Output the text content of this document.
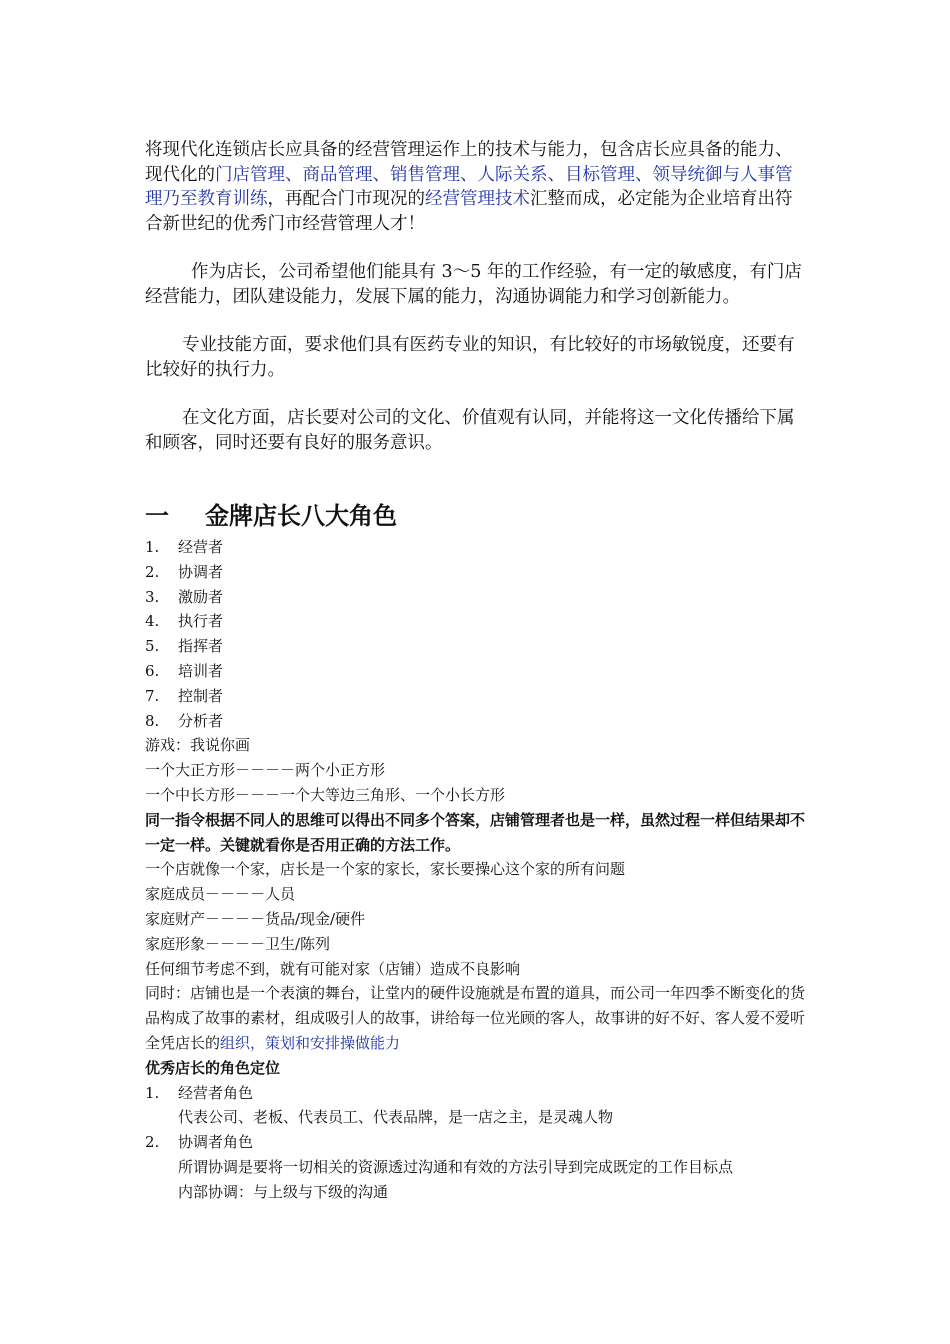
将现代化连锁店长应具备的经营管理运作上的技术与能力，包含店长应具备的能力、现代化的门店管理、商品管理、销售管理、人际关系、目标管理、领导统御与人事管理乃至教育训练，再配合门市现况的经营管理技术汇整而成，必定能为企业培育出符合新世纪的优秀门市经营管理人才！

作为店长，公司希望他们能具有 3～5 年的工作经验，有一定的敏感度，有门店经营能力，团队建设能力，发展下属的能力，沟通协调能力和学习创新能力。

专业技能方面，要求他们具有医药专业的知识，有比较好的市场敏锐度，还要有比较好的执行力。

在文化方面，店长要对公司的文化、价值观有认同，并能将这一文化传播给下属和顾客，同时还要有良好的服务意识。

一 金牌店长八大角色
1.	经营者
2.	协调者
3.	激励者
4.	执行者
5.	指挥者
6.	培训者
7.	控制者
8.	分析者
游戏：我说你画
一个大正方形－－－－两个小正方形
一个中长方形－－－一个大等边三角形、一个小长方形
同一指令根据不同人的思维可以得出不同多个答案，店铺管理者也是一样，虽然过程一样但结果却不一定一样。关键就看你是否用正确的方法工作。
一个店就像一个家，店长是一个家的家长，家长要操心这个家的所有问题
家庭成员－－－－人员
家庭财产－－－－货品/现金/硬件
家庭形象－－－－卫生/陈列
任何细节考虑不到，就有可能对家（店铺）造成不良影响
同时：店铺也是一个表演的舞台，让堂内的硬件设施就是布置的道具，而公司一年四季不断变化的货品构成了故事的素材，组成吸引人的故事，讲给每一位光顾的客人，故事讲的好不好、客人爱不爱听全凭店长的组织，策划和安排操做能力
优秀店长的角色定位
1.	经营者角色
代表公司、老板、代表员工、代表品牌，是一店之主，是灵魂人物
2.	协调者角色
所谓协调是要将一切相关的资源透过沟通和有效的方法引导到完成既定的工作目标点
内部协调：与上级与下级的沟通
